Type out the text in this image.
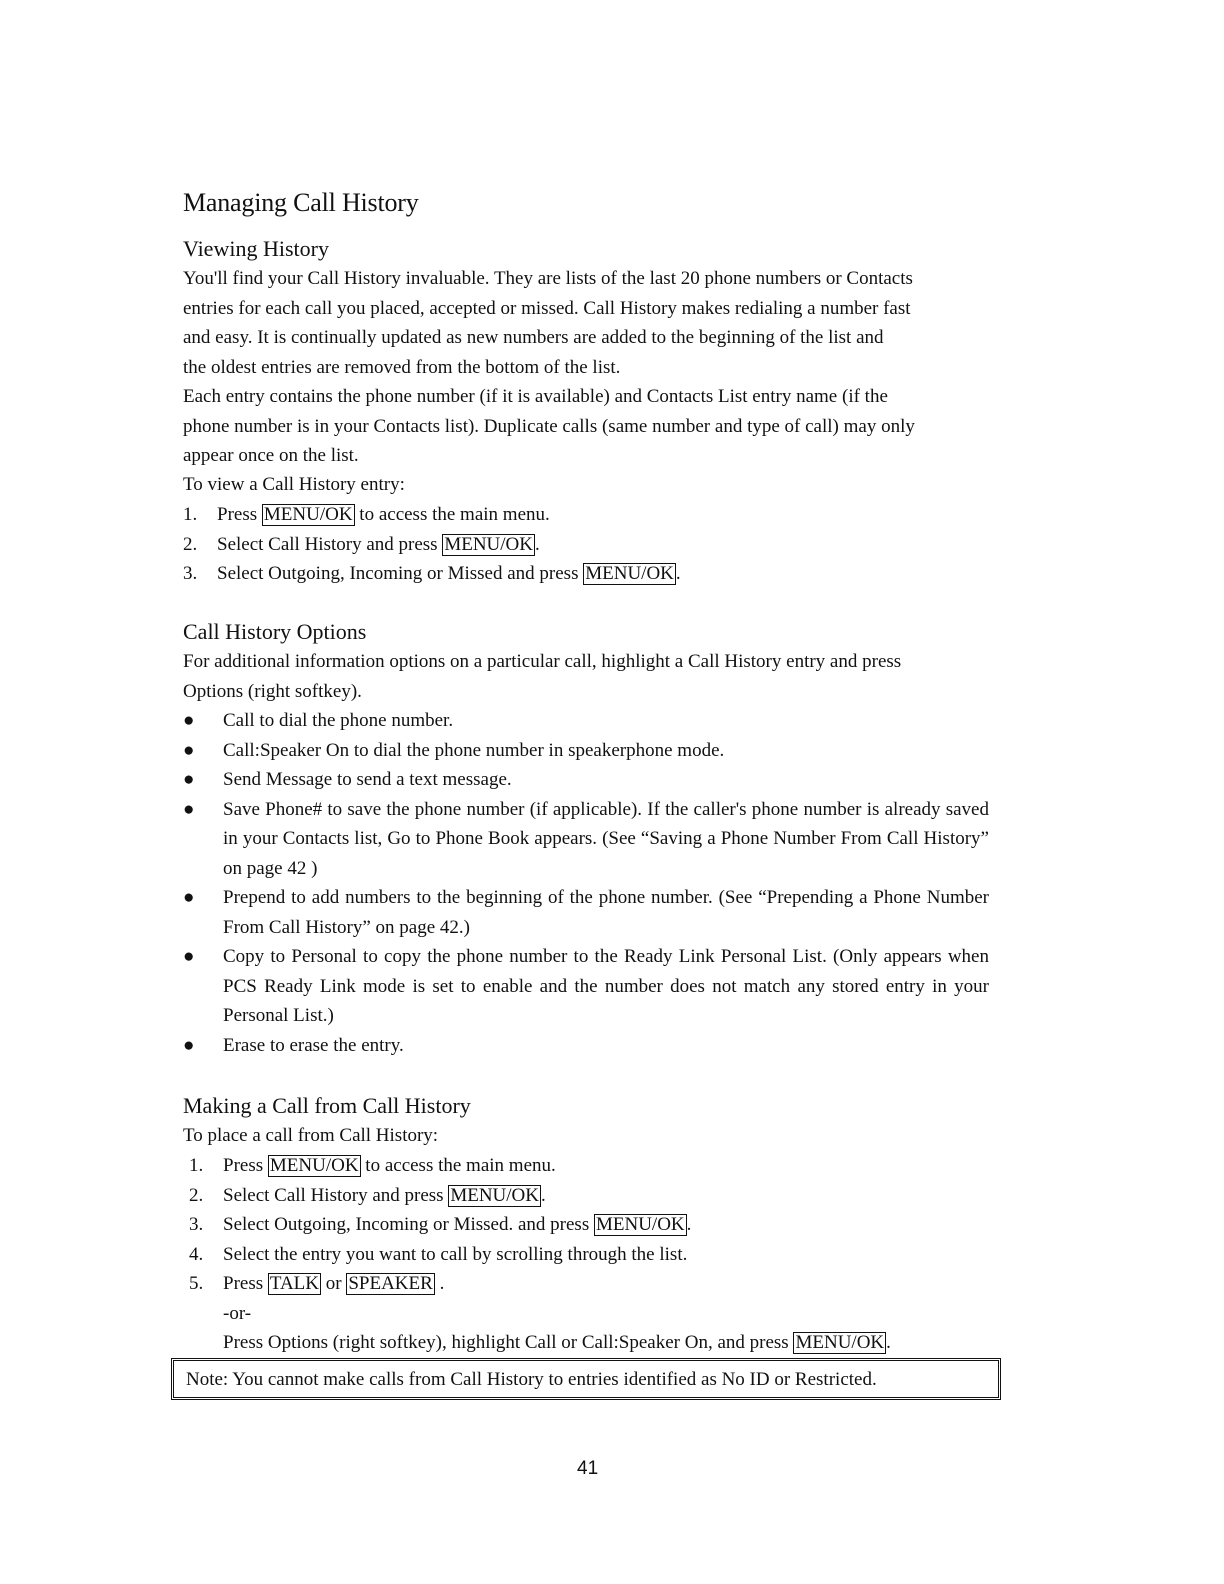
Managing Call History
Viewing History
You'll find your Call History invaluable. They are lists of the last 20 phone numbers or Contacts
entries for each call you placed, accepted or missed. Call History makes redialing a number fast
and easy. It is continually updated as new numbers are added to the beginning of the list and
the oldest entries are removed from the bottom of the list.
Each entry contains the phone number (if it is available) and Contacts List entry name (if the
phone number is in your Contacts list). Duplicate calls (same number and type of call) may only
appear once on the list.
To view a Call History entry:
1. Press MENU/OK to access the main menu.
2. Select Call History and press MENU/OK .
3. Select Outgoing, Incoming or Missed and press MENU/OK .
Call History Options
For additional information options on a particular call, highlight a Call History entry and press
Options (right softkey).
● Call to dial the phone number.
● Call:Speaker On to dial the phone number in speakerphone mode.
● Send Message to send a text message.
● Save Phone# to save the phone number (if applicable). If the caller's phone number is already saved in your Contacts list, Go to Phone Book appears. (See “Saving a Phone Number From Call History” on page 42 )
● Prepend to add numbers to the beginning of the phone number. (See “Prepending a Phone Number From Call History” on page 42.)
● Copy to Personal to copy the phone number to the Ready Link Personal List. (Only appears when PCS Ready Link mode is set to enable and the number does not match any stored entry in your Personal List.)
● Erase to erase the entry.
Making a Call from Call History
To place a call from Call History:
1. Press MENU/OK to access the main menu.
2. Select Call History and press MENU/OK .
3. Select Outgoing, Incoming or Missed. and press MENU/OK .
4. Select the entry you want to call by scrolling through the list.
5. Press TALK or SPEAKER .
-or-
Press Options (right softkey), highlight Call or Call:Speaker On, and press MENU/OK .
Note: You cannot make calls from Call History to entries identified as No ID or Restricted.
41
